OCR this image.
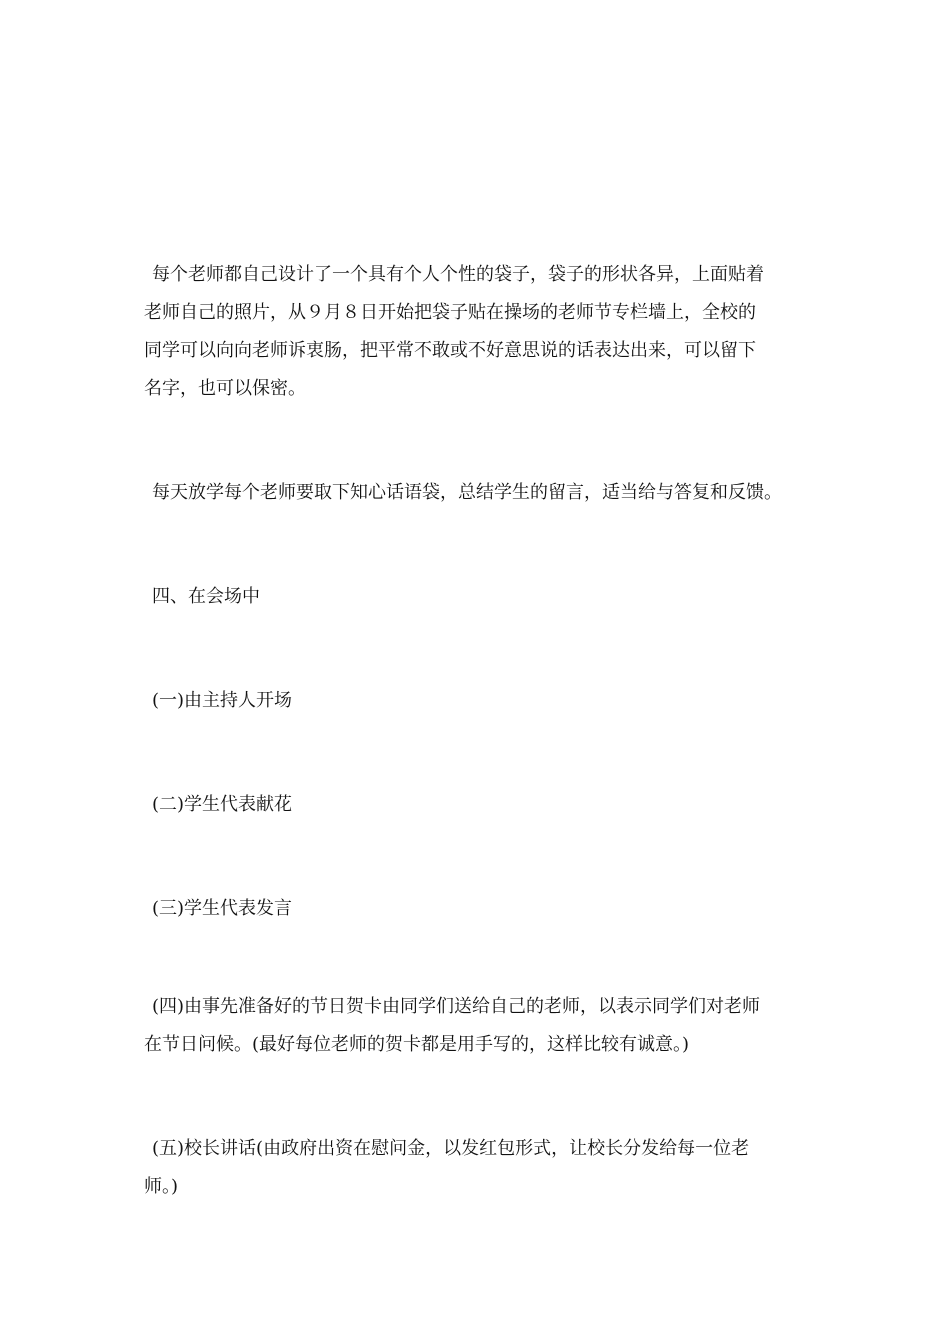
每个老师都自己设计了一个具有个人个性的袋子，袋子的形状各异，上面贴着
老师自己的照片，从９月８日开始把袋子贴在操场的老师节专栏墙上，全校的
同学可以向向老师诉衷肠，把平常不敢或不好意思说的话表达出来，可以留下
名字，也可以保密。

每天放学每个老师要取下知心话语袋，总结学生的留言，适当给与答复和反馈。

四、在会场中

(一)由主持人开场

(二)学生代表献花

(三)学生代表发言

(四)由事先准备好的节日贺卡由同学们送给自己的老师，以表示同学们对老师
在节日问候。(最好每位老师的贺卡都是用手写的，这样比较有诚意。)

(五)校长讲话(由政府出资在慰问金，以发红包形式，让校长分发给每一位老
师。)
